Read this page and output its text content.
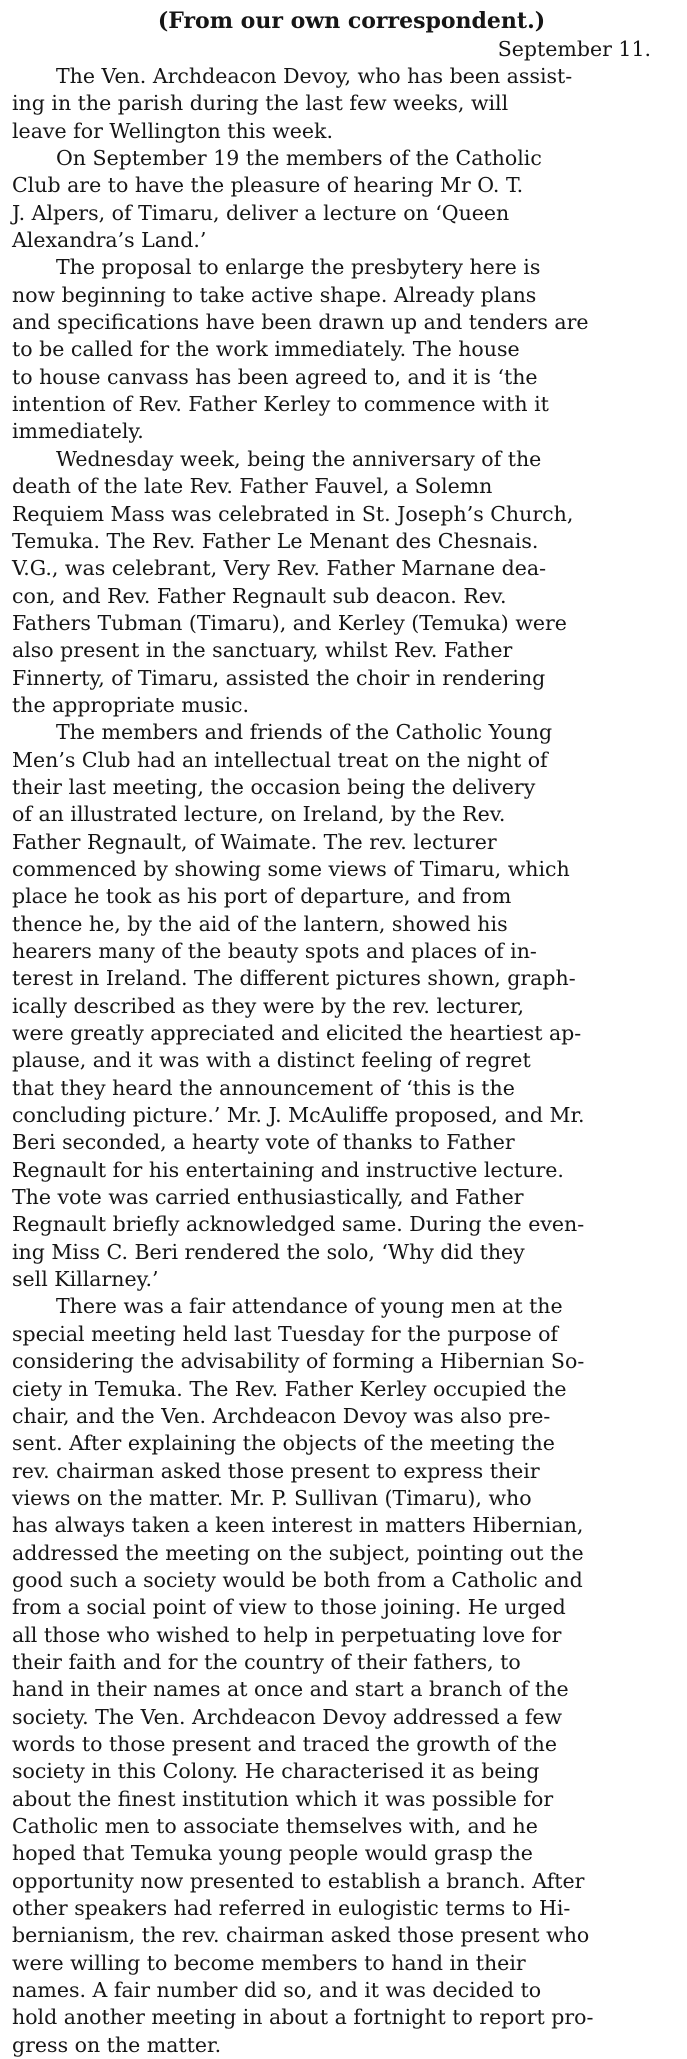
(From our own correspondent.)
September 11.
The Ven. Archdeacon Devoy, who has been assist-
ing in the parish during the last few weeks, will
leave for Wellington this week.
On September 19 the members of the Catholic
Club are to have the pleasure of hearing Mr O. T.
J. Alpers, of Timaru, deliver a lecture on ‘Queen
Alexandra’s Land.’
The proposal to enlarge the presbytery here is
now beginning to take active shape. Already plans
and specifications have been drawn up and tenders are
to be called for the work immediately. The house
to house canvass has been agreed to, and it is ‘the
intention of Rev. Father Kerley to commence with it
immediately.
Wednesday week, being the anniversary of the
death of the late Rev. Father Fauvel, a Solemn
Requiem Mass was celebrated in St. Joseph’s Church,
Temuka. The Rev. Father Le Menant des Chesnais.
V.G., was celebrant, Very Rev. Father Marnane dea-
con, and Rev. Father Regnault sub deacon. Rev.
Fathers Tubman (Timaru), and Kerley (Temuka) were
also present in the sanctuary, whilst Rev. Father
Finnerty, of Timaru, assisted the choir in rendering
the appropriate music.
The members and friends of the Catholic Young
Men’s Club had an intellectual treat on the night of
their last meeting, the occasion being the delivery
of an illustrated lecture, on Ireland, by the Rev.
Father Regnault, of Waimate. The rev. lecturer
commenced by showing some views of Timaru, which
place he took as his port of departure, and from
thence he, by the aid of the lantern, showed his
hearers many of the beauty spots and places of in-
terest in Ireland. The different pictures shown, graph-
ically described as they were by the rev. lecturer,
were greatly appreciated and elicited the heartiest ap-
plause, and it was with a distinct feeling of regret
that they heard the announcement of ‘this is the
concluding picture.’ Mr. J. McAuliffe proposed, and Mr.
Beri seconded, a hearty vote of thanks to Father
Regnault for his entertaining and instructive lecture.
The vote was carried enthusiastically, and Father
Regnault briefly acknowledged same. During the even-
ing Miss C. Beri rendered the solo, ‘Why did they
sell Killarney.’
There was a fair attendance of young men at the
special meeting held last Tuesday for the purpose of
considering the advisability of forming a Hibernian So-
ciety in Temuka. The Rev. Father Kerley occupied the
chair, and the Ven. Archdeacon Devoy was also pre-
sent. After explaining the objects of the meeting the
rev. chairman asked those present to express their
views on the matter. Mr. P. Sullivan (Timaru), who
has always taken a keen interest in matters Hibernian,
addressed the meeting on the subject, pointing out the
good such a society would be both from a Catholic and
from a social point of view to those joining. He urged
all those who wished to help in perpetuating love for
their faith and for the country of their fathers, to
hand in their names at once and start a branch of the
society. The Ven. Archdeacon Devoy addressed a few
words to those present and traced the growth of the
society in this Colony. He characterised it as being
about the finest institution which it was possible for
Catholic men to associate themselves with, and he
hoped that Temuka young people would grasp the
opportunity now presented to establish a branch. After
other speakers had referred in eulogistic terms to Hi-
bernianism, the rev. chairman asked those present who
were willing to become members to hand in their
names. A fair number did so, and it was decided to
hold another meeting in about a fortnight to report pro-
gress on the matter.
